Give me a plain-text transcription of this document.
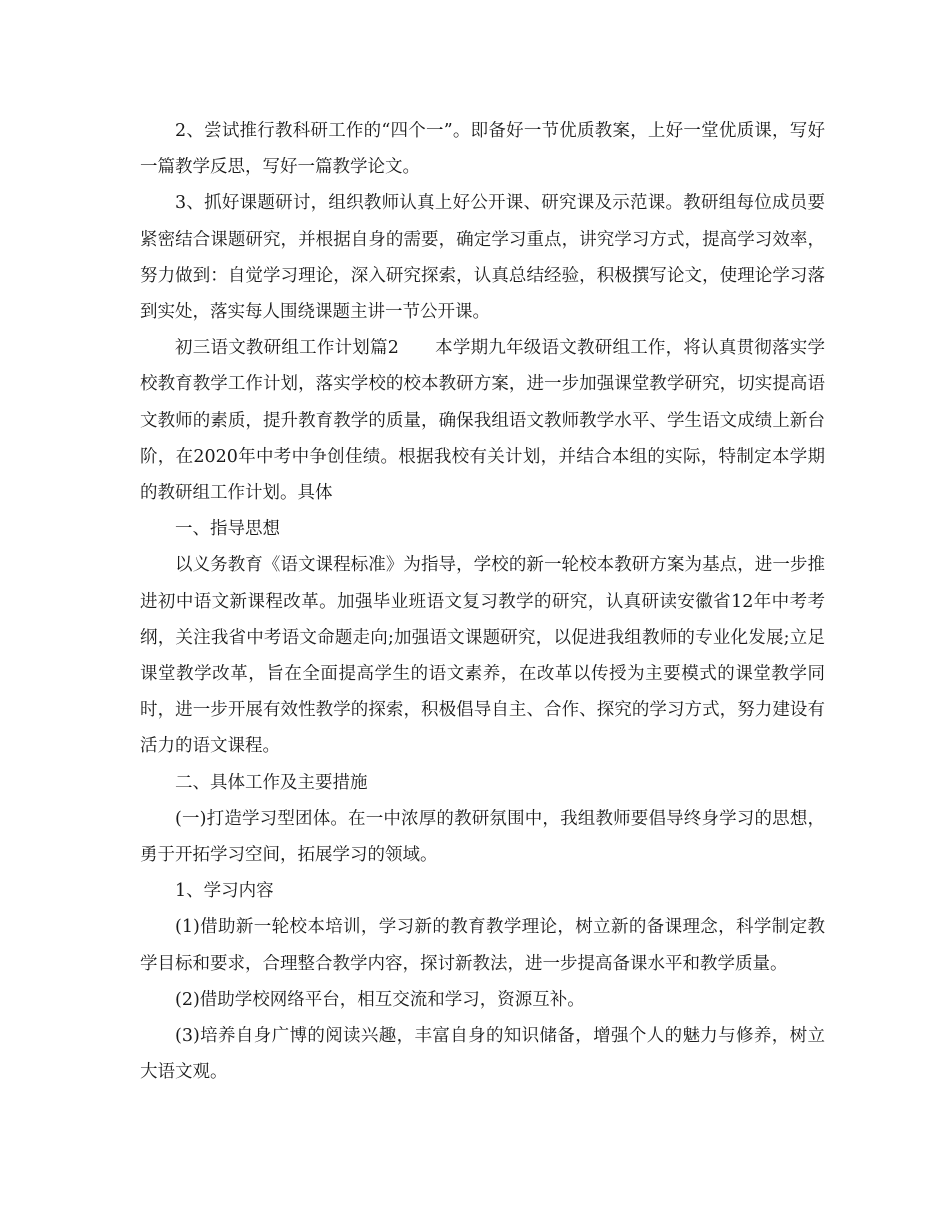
2、尝试推行教科研工作的“四个一”。即备好一节优质教案，上好一堂优质课，写好一篇教学反思，写好一篇教学论文。

3、抓好课题研讨，组织教师认真上好公开课、研究课及示范课。教研组每位成员要紧密结合课题研究，并根据自身的需要，确定学习重点，讲究学习方式，提高学习效率，努力做到：自觉学习理论，深入研究探索，认真总结经验，积极撰写论文，使理论学习落到实处，落实每人围绕课题主讲一节公开课。

初三语文教研组工作计划篇2 本学期九年级语文教研组工作，将认真贯彻落实学校教育教学工作计划，落实学校的校本教研方案，进一步加强课堂教学研究，切实提高语文教师的素质，提升教育教学的质量，确保我组语文教师教学水平、学生语文成绩上新台阶，在2020年中考中争创佳绩。根据我校有关计划，并结合本组的实际，特制定本学期的教研组工作计划。具体

一、指导思想

以义务教育《语文课程标准》为指导，学校的新一轮校本教研方案为基点，进一步推进初中语文新课程改革。加强毕业班语文复习教学的研究，认真研读安徽省12年中考考纲，关注我省中考语文命题走向;加强语文课题研究，以促进我组教师的专业化发展;立足课堂教学改革，旨在全面提高学生的语文素养，在改革以传授为主要模式的课堂教学同时，进一步开展有效性教学的探索，积极倡导自主、合作、探究的学习方式，努力建设有活力的语文课程。

二、具体工作及主要措施

(一)打造学习型团体。在一中浓厚的教研氛围中，我组教师要倡导终身学习的思想，勇于开拓学习空间，拓展学习的领域。

1、学习内容

(1)借助新一轮校本培训，学习新的教育教学理论，树立新的备课理念，科学制定教学目标和要求，合理整合教学内容，探讨新教法，进一步提高备课水平和教学质量。

(2)借助学校网络平台，相互交流和学习，资源互补。

(3)培养自身广博的阅读兴趣，丰富自身的知识储备，增强个人的魅力与修养，树立大语文观。
